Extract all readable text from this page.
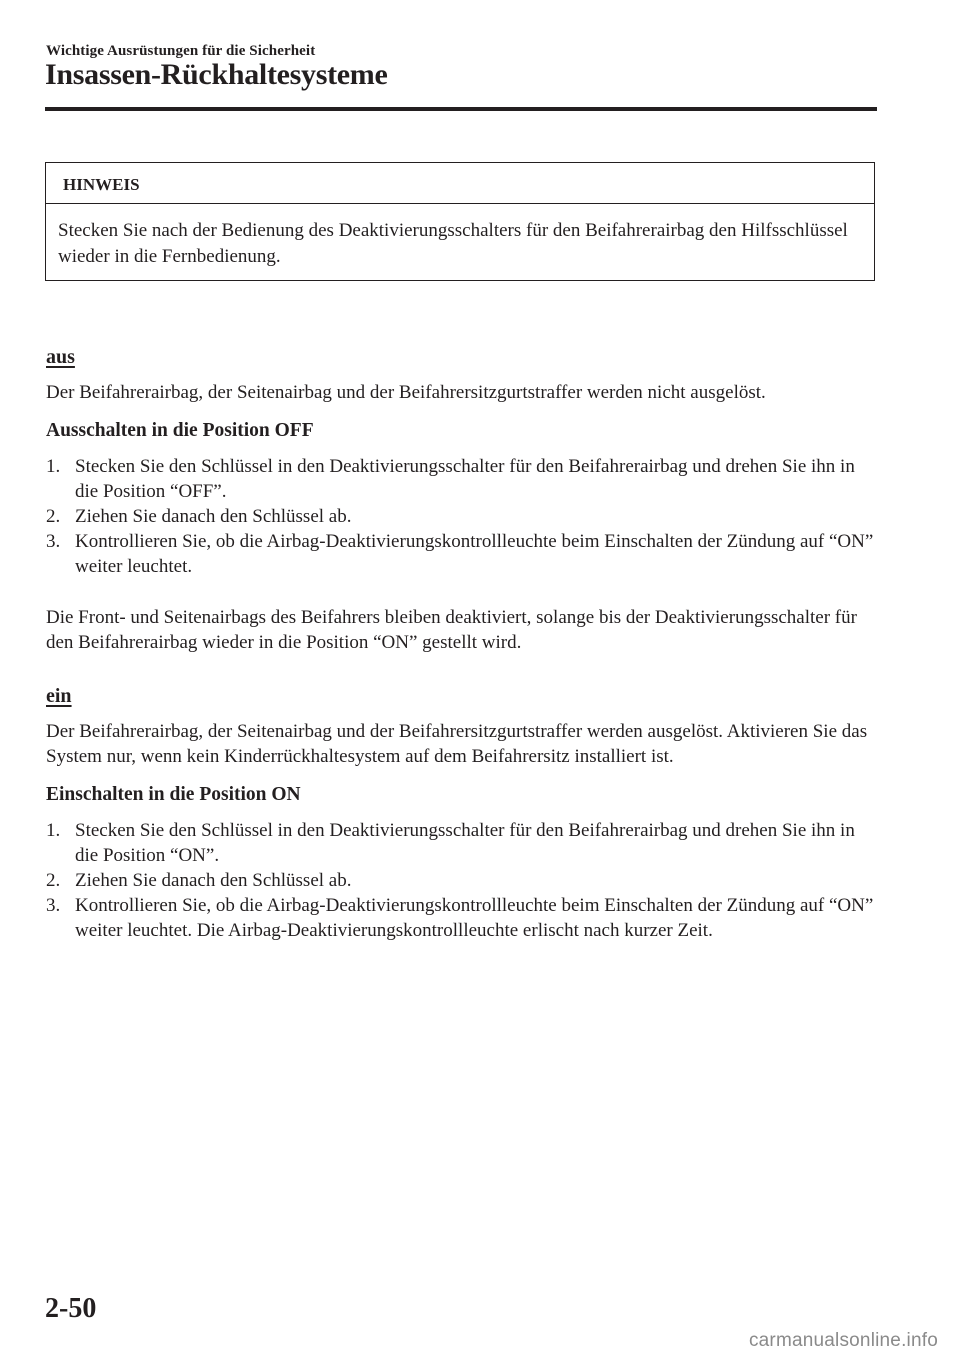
Wichtige Ausrüstungen für die Sicherheit
Insassen-Rückhaltesysteme
HINWEIS
Stecken Sie nach der Bedienung des Deaktivierungsschalters für den Beifahrerairbag den Hilfsschlüssel wieder in die Fernbedienung.
aus

Der Beifahrerairbag, der Seitenairbag und der Beifahrersitzgurtstraffer werden nicht ausgelöst.

Ausschalten in die Position OFF
1. Stecken Sie den Schlüssel in den Deaktivierungsschalter für den Beifahrerairbag und drehen Sie ihn in die Position “OFF”.
2. Ziehen Sie danach den Schlüssel ab.
3. Kontrollieren Sie, ob die Airbag-Deaktivierungskontrollleuchte beim Einschalten der Zündung auf “ON” weiter leuchtet.

Die Front- und Seitenairbags des Beifahrers bleiben deaktiviert, solange bis der Deaktivierungsschalter für den Beifahrerairbag wieder in die Position “ON” gestellt wird.

ein

Der Beifahrerairbag, der Seitenairbag und der Beifahrersitzgurtstraffer werden ausgelöst. Aktivieren Sie das System nur, wenn kein Kinderrückhaltesystem auf dem Beifahrersitz installiert ist.

Einschalten in die Position ON
1. Stecken Sie den Schlüssel in den Deaktivierungsschalter für den Beifahrerairbag und drehen Sie ihn in die Position “ON”.
2. Ziehen Sie danach den Schlüssel ab.
3. Kontrollieren Sie, ob die Airbag-Deaktivierungskontrollleuchte beim Einschalten der Zündung auf “ON” weiter leuchtet. Die Airbag-Deaktivierungskontrollleuchte erlischt nach kurzer Zeit.
2-50
carmanualsonline.info
